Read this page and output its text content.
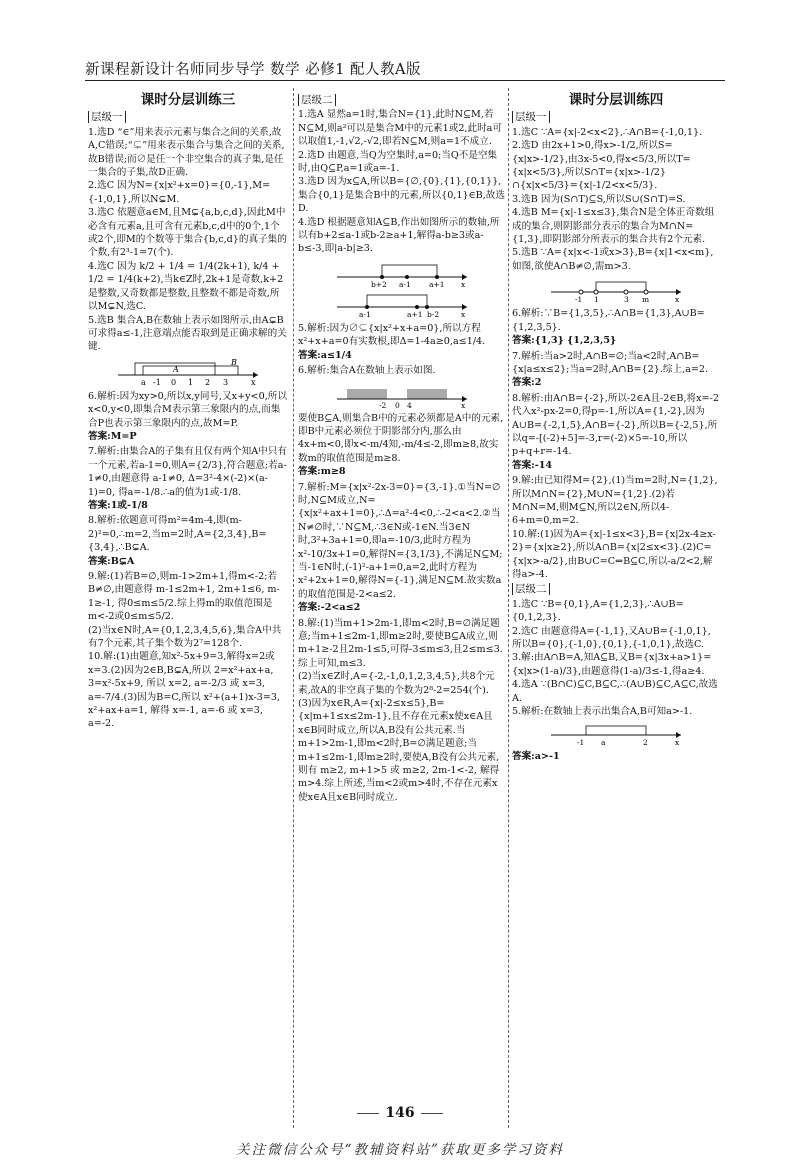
新课程新设计名师同步导学 数学 必修1 配人教A版
课时分层训练三
层级一

1.选D “∈”用来表示元素与集合之间的关系,故A,C错误;“⊊”用来表示集合与集合之间的关系,故B错误;而∅是任一个非空集合的真子集,是任一集合的子集,故D正确.

2.选C 因为N={x|x²+x=0}={0,-1},M={-1,0,1},所以N⊊M.

3.选C 依题意a∈M,且M⊊{a,b,c,d},因此M中必含有元素a,且可含有元素b,c,d中的0个,1个或2个,即M的个数等于集合{b,c,d}的真子集的个数,有2³-1=7(个).

4.选C 因为 k/2 + 1/4 = 1/4(2k+1), k/4 + 1/2 = 1/4(k+2),当k∈Z时,2k+1是奇数,k+2是整数,又奇数都是整数,且整数不都是奇数,所以M⊊N,选C.

5.选B 集合A,B在数轴上表示如图所示,由A⊊B可求得a≤-1,注意端点能否取到是正确求解的关键.

a -1 0 1 2 3	x
A
B

6.解析:因为xy>0,所以x,y同号,又x+y<0,所以x<0,y<0,即集合M表示第三象限内的点,而集合P也表示第三象限内的点,故M=P.

答案:M=P

7.解析:由集合A的子集有且仅有两个知A中只有一个元素,若a-1=0,则A={2/3},符合题意;若a-1≠0,由题意得 a-1≠0, Δ=3²-4×(-2)×(a-1)=0, 得a=-1/8.∴a的值为1或-1/8.

答案:1或-1/8

8.解析:依题意可得m²=4m-4,即(m-2)²=0,∴m=2,当m=2时,A={2,3,4},B={3,4},∴B⊊A.

答案:B⊊A

9.解:(1)若B=∅,则m-1>2m+1,得m<-2;若B≠∅,由题意得 m-1≤2m+1, 2m+1≤6, m-1≥-1, 得0≤m≤5/2.综上得m的取值范围是m<-2或0≤m≤5/2.

(2)当x∈N时,A={0,1,2,3,4,5,6},集合A中共有7个元素,其子集个数为2⁷=128个.

10.解:(1)由题意,知x²-5x+9=3,解得x=2或x=3.(2)因为2∈B,B⊊A,所以 2=x²+ax+a, 3=x²-5x+9, 所以 x=2, a=-2/3 或 x=3, a=-7/4.(3)因为B=C,所以 x²+(a+1)x-3=3, x²+ax+a=1, 解得 x=-1, a=-6 或 x=3, a=-2.

层级二

1.选A 显然a=1时,集合N={1},此时N⊆M,若N⊆M,则a²可以是集合M中的元素1或2,此时a可以取值1,-1,√2,-√2,即若N⊆M,则a=1不成立.

2.选D 由题意,当Q为空集时,a=0;当Q不是空集时,由Q⊆P,a=1或a=-1.

3.选D 因为x⊆A,所以B={∅,{0},{1},{0,1}},集合{0,1}是集合B中的元素,所以{0,1}∈B,故选D.

4.选D 根据题意知A⊆B,作出如图所示的数轴,所以有b+2≤a-1或b-2≥a+1,解得a-b≥3或a-b≤-3,即|a-b|≥3.

b+2 a-1 a+1 x
a-1	a+1 b-2	x

5.解析:因为∅⊊{x|x²+x+a=0},所以方程x²+x+a=0有实数根,即Δ=1-4a≥0,a≤1/4.

答案:a≤1/4

6.解析:集合A在数轴上表示如图.

-2 0 4	x

要使B⊆A,则集合B中的元素必须都是A中的元素,即B中元素必须位于阴影部分内,那么由4x+m<0,即x<-m/4知,-m/4≤-2,即m≥8,故实数m的取值范围是m≥8.

答案:m≥8

7.解析:M={x|x²-2x-3=0}={3,-1}.①当N=∅时,N⊆M成立,N={x|x²+ax+1=0},∴Δ=a²-4<0,∴-2<a<2.②当N≠∅时,∵N⊆M,∴3∈N或-1∈N.当3∈N时,3²+3a+1=0,即a=-10/3,此时方程为x²-10/3x+1=0,解得N={3,1/3},不满足N⊆M;当-1∈N时,(-1)²-a+1=0,a=2,此时方程为x²+2x+1=0,解得N={-1},满足N⊆M.故实数a的取值范围是-2<a≤2.

答案:-2<a≤2

8.解:(1)当m+1>2m-1,即m<2时,B=∅满足题意;当m+1≤2m-1,即m≥2时,要使B⊆A成立,则m+1≥-2且2m-1≤5,可得-3≤m≤3,且2≤m≤3.综上可知,m≤3.

(2)当x∈Z时,A={-2,-1,0,1,2,3,4,5},共8个元素,故A的非空真子集的个数为2⁸-2=254(个).

(3)因为x∈R,A={x|-2≤x≤5},B={x|m+1≤x≤2m-1},且不存在元素x使x∈A且x∈B同时成立,所以A,B没有公共元素.当m+1>2m-1,即m<2时,B=∅满足题意;当m+1≤2m-1,即m≥2时,要使A,B没有公共元素,则有 m≥2, m+1>5 或 m≥2, 2m-1<-2, 解得m>4.综上所述,当m<2或m>4时,不存在元素x使x∈A且x∈B同时成立.

课时分层训练四
层级一

1.选C ∵A={x|-2<x<2},∴A∩B={-1,0,1}.

2.选D 由2x+1>0,得x>-1/2,所以S={x|x>-1/2},由3x-5<0,得x<5/3,所以T={x|x<5/3},所以S∩T={x|x>-1/2}∩{x|x<5/3}={x|-1/2<x<5/3}.

3.选B 因为(S∩T)⊆S,所以S∪(S∩T)=S.

4.选B M={x|-1≤x≤3},集合N是全体正奇数组成的集合,则阴影部分表示的集合为M∩N={1,3},即阴影部分所表示的集合共有2个元素.

5.选B ∵A={x|x<-1或x>3},B={x|1<x<m},如图,欲使A∩B≠∅,需m>3.

-1 1	3 m	x

6.解析:∵B={1,3,5},∴A∩B={1,3},A∪B={1,2,3,5}.

答案:{1,3} {1,2,3,5}

7.解析:当a>2时,A∩B=∅;当a<2时,A∩B={x|a≤x≤2};当a=2时,A∩B={2}.综上,a=2.

答案:2

8.解析:由A∩B={-2},所以-2∈A且-2∈B,将x=-2代入x²-px-2=0,得p=-1,所以A={1,-2},因为A∪B={-2,1,5},A∩B={-2},所以B={-2,5},所以q=-[(-2)+5]=-3,r=(-2)×5=-10,所以p+q+r=-14.

答案:-14

9.解:由已知得M={2},(1)当m=2时,N={1,2},所以M∩N={2},M∪N={1,2}.(2)若M∩N=M,则M⊆N,所以2∈N,所以4-6+m=0,m=2.

10.解:(1)因为A={x|-1≤x<3},B={x|2x-4≥x-2}={x|x≥2},所以A∩B={x|2≤x<3}.(2)C={x|x>-a/2},由B∪C=C⇔B⊆C,所以-a/2<2,解得a>-4.

层级二

1.选C ∵B={0,1},A={1,2,3},∴A∪B={0,1,2,3}.

2.选C 由题意得A={-1,1},又A∪B={-1,0,1},所以B={0},{-1,0},{0,1},{-1,0,1},故选C.

3.解:由A∩B=A,知A⊆B,又B={x|3x+a>1}={x|x>(1-a)/3},由题意得(1-a)/3≤-1,得a≥4.

4.选A ∵(B∩C)⊆C,B⊆C,∴(A∪B)⊆C,A⊆C,故选A.

5.解析:在数轴上表示出集合A,B可知a>-1.

-1 a	2	x

答案:a>-1

146
关注微信公众号“教辅资料站”获取更多学习资料
